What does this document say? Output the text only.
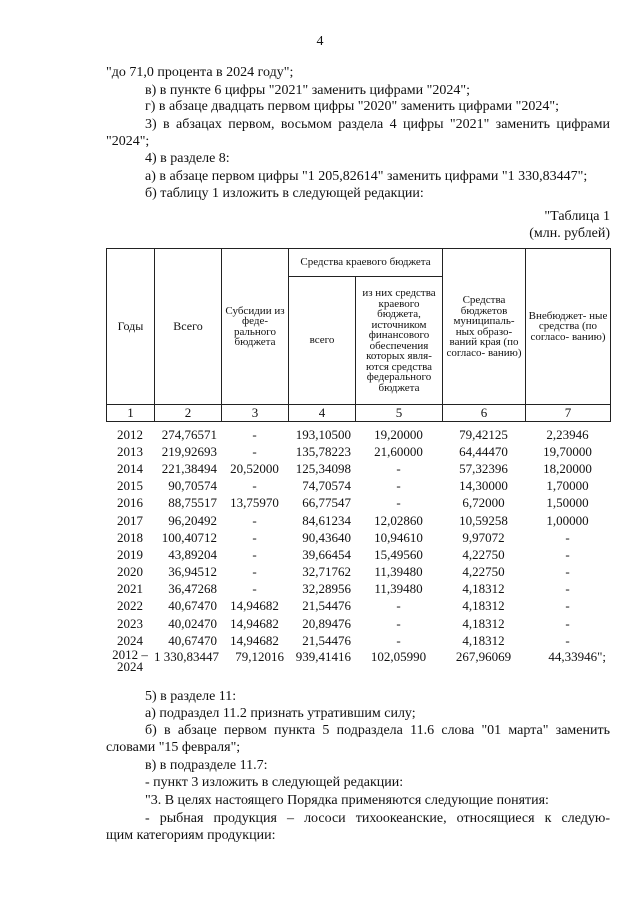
4
"до 71,0 процента в 2024 году";
в) в пункте 6 цифры "2021" заменить цифрами "2024";
г) в абзаце двадцать первом цифры "2020" заменить цифрами "2024";
3) в абзацах первом, восьмом раздела 4 цифры "2021" заменить цифрами
"2024";
4) в разделе 8:
а) в абзаце первом цифры "1 205,82614" заменить цифрами "1 330,83447";
б) таблицу 1 изложить в следующей редакции:
"Таблица 1
(млн. рублей)
Годы	Всего	Субсидии из феде- рального бюджета	Средства краевого бюджета		Средства бюджетов муниципаль- ных образо- ваний края (по согласо- ванию)	Внебюджет- ные средства (по согласо- ванию)
			всего	из них средства краевого бюджета, источником финансового обеспечения которых явля- ются средства федерального бюджета		
1	2	3	4	5	6	7
2012	274,76571	-	193,10500	19,20000	79,42125	2,23946
2013	219,92693	-	135,78223	21,60000	64,44470	19,70000
2014	221,38494	20,52000	125,34098	-	57,32396	18,20000
2015	90,70574	-	74,70574	-	14,30000	1,70000
2016	88,75517	13,75970	66,77547	-	6,72000	1,50000
2017	96,20492	-	84,61234	12,02860	10,59258	1,00000
2018	100,40712	-	90,43640	10,94610	9,97072	-
2019	43,89204	-	39,66454	15,49560	4,22750	-
2020	36,94512	-	32,71762	11,39480	4,22750	-
2021	36,47268	-	32,28956	11,39480	4,18312	-
2022	40,67470	14,94682	21,54476	-	4,18312	-
2023	40,02470	14,94682	20,89476	-	4,18312	-
2024	40,67470	14,94682	21,54476	-	4,18312	-

2012 –
2024	1 330,83447	79,12016	939,41416	102,05990	267,96069	44,33946";
5) в разделе 11:
а) подраздел 11.2 признать утратившим силу;
б) в абзаце первом пункта 5 подраздела 11.6 слова "01 марта" заменить
словами "15 февраля";
в) в подразделе 11.7:
- пункт 3 изложить в следующей редакции:
"3. В целях настоящего Порядка применяются следующие понятия:
- рыбная продукция – лососи тихоокеанские, относящиеся к следую-
щим категориям продукции:
